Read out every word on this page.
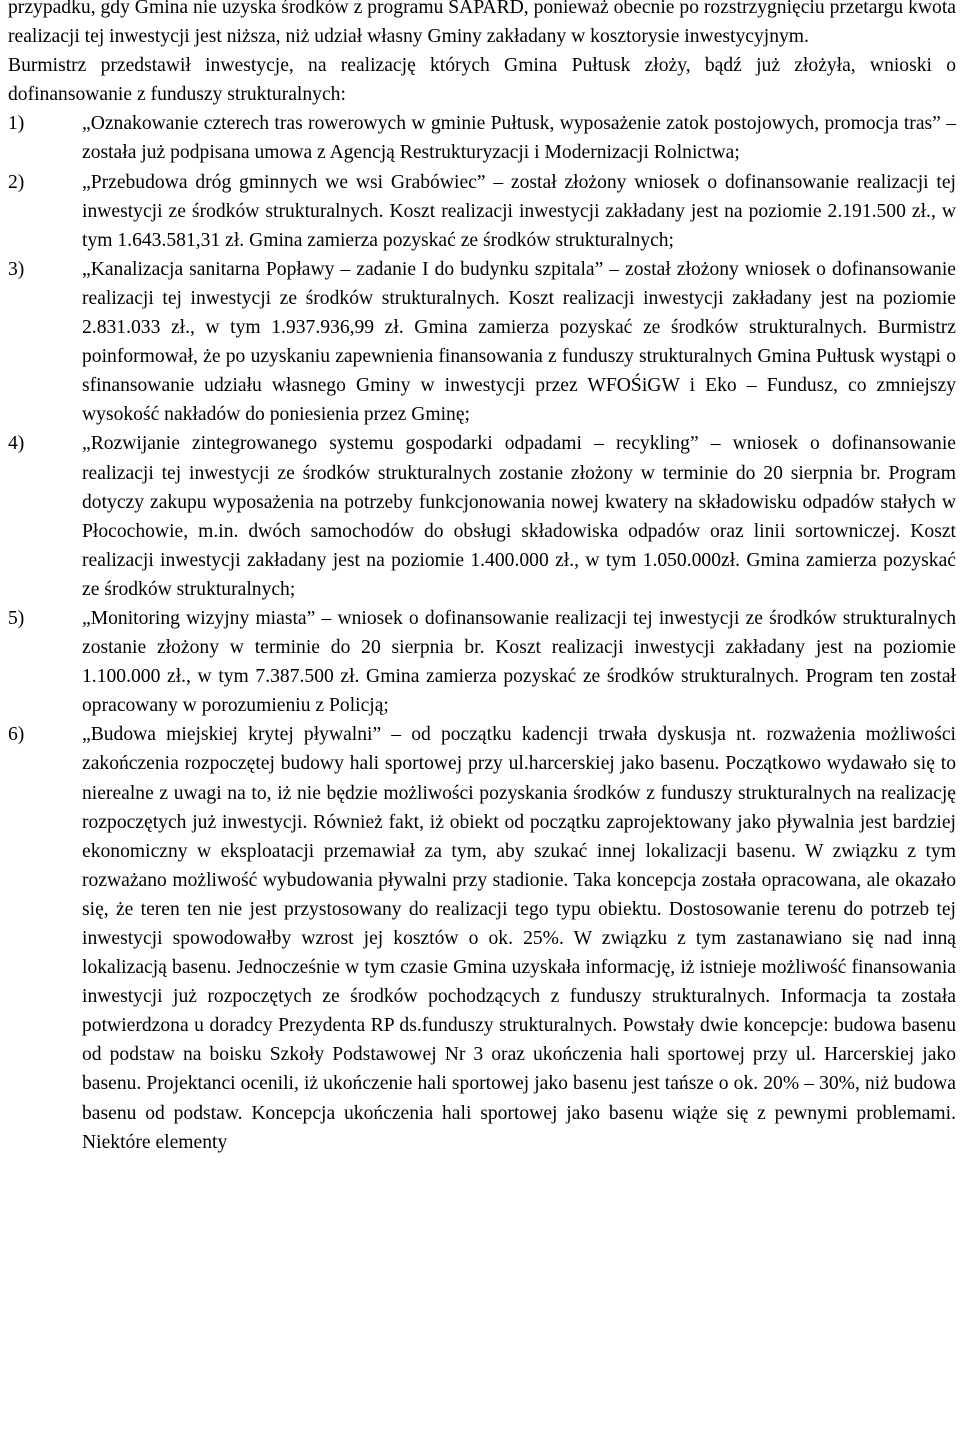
przypadku, gdy Gmina nie uzyska środków z programu SAPARD, ponieważ obecnie po rozstrzygnięciu przetargu kwota realizacji tej inwestycji jest niższa, niż udział własny Gminy zakładany w kosztorysie inwestycyjnym.

Burmistrz przedstawił inwestycje, na realizację których Gmina Pułtusk złoży, bądź już złożyła, wnioski o dofinansowanie z funduszy strukturalnych:

1)	„Oznakowanie czterech tras rowerowych w gminie Pułtusk, wyposażenie zatok postojowych, promocja tras” – została już podpisana umowa z Agencją Restrukturyzacji i Modernizacji Rolnictwa;

2)	„Przebudowa dróg gminnych we wsi Grabówiec” – został złożony wniosek o dofinansowanie realizacji tej inwestycji ze środków strukturalnych. Koszt realizacji inwestycji zakładany jest na poziomie 2.191.500 zł., w tym 1.643.581,31 zł. Gmina zamierza pozyskać ze środków strukturalnych;

3)	„Kanalizacja sanitarna Popławy – zadanie I do budynku szpitala” – został złożony wniosek o dofinansowanie realizacji tej inwestycji ze środków strukturalnych. Koszt realizacji inwestycji zakładany jest na poziomie 2.831.033 zł., w tym 1.937.936,99 zł. Gmina zamierza pozyskać ze środków strukturalnych. Burmistrz poinformował, że po uzyskaniu zapewnienia finansowania z funduszy strukturalnych Gmina Pułtusk wystąpi o sfinansowanie udziału własnego Gminy w inwestycji przez WFOŚiGW i Eko – Fundusz, co zmniejszy wysokość nakładów do poniesienia przez Gminę;

4)	„Rozwijanie zintegrowanego systemu gospodarki odpadami – recykling” – wniosek o dofinansowanie realizacji tej inwestycji ze środków strukturalnych zostanie złożony w terminie do 20 sierpnia br. Program dotyczy zakupu wyposażenia na potrzeby funkcjonowania nowej kwatery na składowisku odpadów stałych w Płocochowie, m.in. dwóch samochodów do obsługi składowiska odpadów oraz linii sortowniczej. Koszt realizacji inwestycji zakładany jest na poziomie 1.400.000 zł., w tym 1.050.000zł. Gmina zamierza pozyskać ze środków strukturalnych;

5)	„Monitoring wizyjny miasta” – wniosek o dofinansowanie realizacji tej inwestycji ze środków strukturalnych zostanie złożony w terminie do 20 sierpnia br. Koszt realizacji inwestycji zakładany jest na poziomie 1.100.000 zł., w tym 7.387.500 zł. Gmina zamierza pozyskać ze środków strukturalnych. Program ten został opracowany w porozumieniu z Policją;

6)	„Budowa miejskiej krytej pływalni” – od początku kadencji trwała dyskusja nt. rozważenia możliwości zakończenia rozpoczętej budowy hali sportowej przy ul.harcerskiej jako basenu. Początkowo wydawało się to nierealne z uwagi na to, iż nie będzie możliwości pozyskania środków z funduszy strukturalnych na realizację rozpoczętych już inwestycji. Również fakt, iż obiekt od początku zaprojektowany jako pływalnia jest bardziej ekonomiczny w eksploatacji przemawiał za tym, aby szukać innej lokalizacji basenu. W związku z tym rozważano możliwość wybudowania pływalni przy stadionie. Taka koncepcja została opracowana, ale okazało się, że teren ten nie jest przystosowany do realizacji tego typu obiektu. Dostosowanie terenu do potrzeb tej inwestycji spowodowałby wzrost jej kosztów o ok. 25%. W związku z tym zastanawiano się nad inną lokalizacją basenu. Jednocześnie w tym czasie Gmina uzyskała informację, iż istnieje możliwość finansowania inwestycji już rozpoczętych ze środków pochodzących z funduszy strukturalnych. Informacja ta została potwierdzona u doradcy Prezydenta RP ds.funduszy strukturalnych. Powstały dwie koncepcje: budowa basenu od podstaw na boisku Szkoły Podstawowej Nr 3 oraz ukończenia hali sportowej przy ul. Harcerskiej jako basenu. Projektanci ocenili, iż ukończenie hali sportowej jako basenu jest tańsze o ok. 20% – 30%, niż budowa basenu od podstaw. Koncepcja ukończenia hali sportowej jako basenu wiąże się z pewnymi problemami. Niektóre elementy
